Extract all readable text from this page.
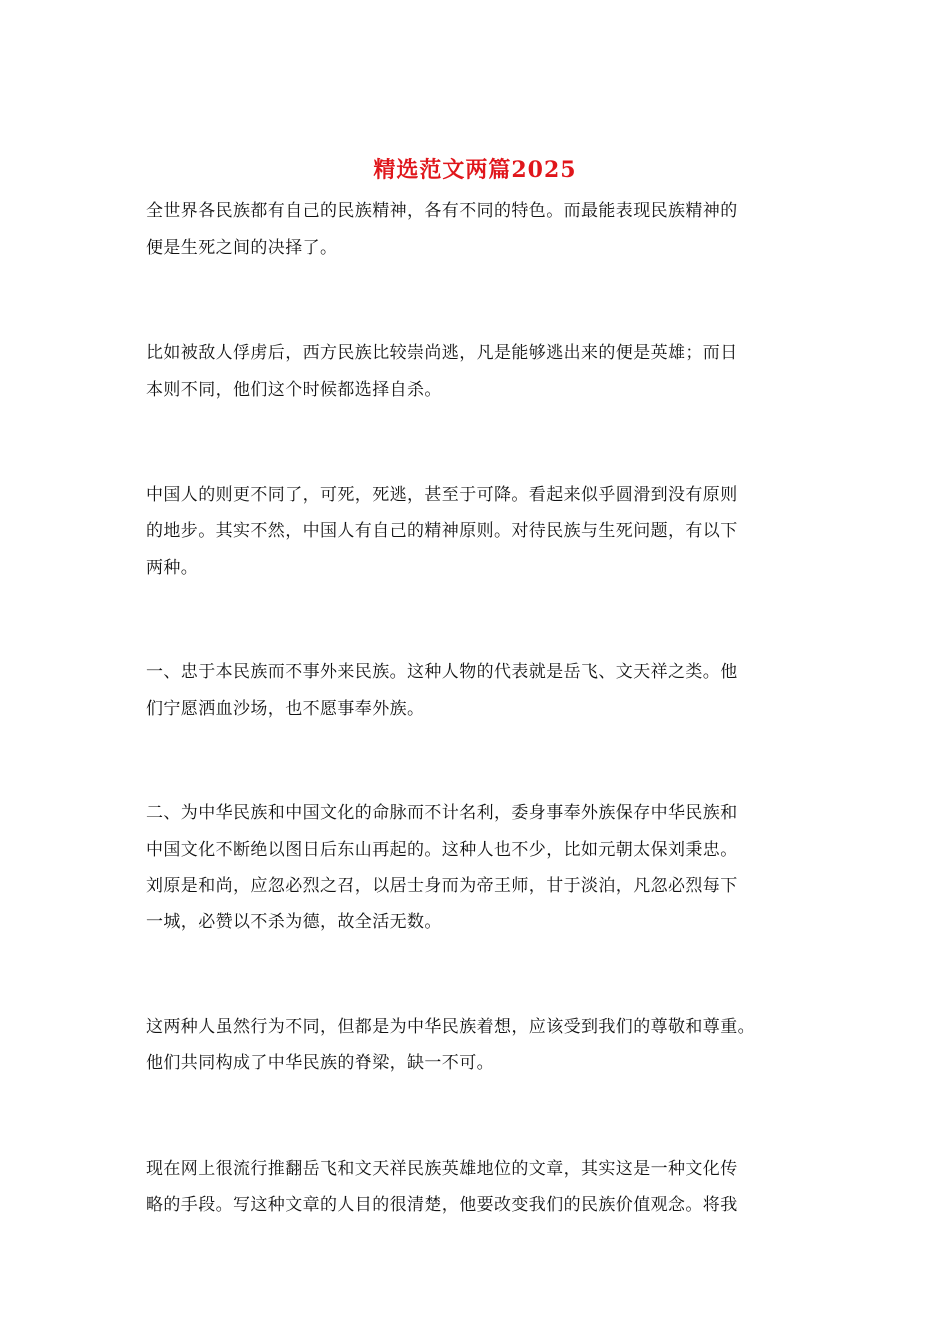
精选范文两篇2025
全世界各民族都有自己的民族精神，各有不同的特色。而最能表现民族精神的
便是生死之间的决择了。
比如被敌人俘虏后，西方民族比较崇尚逃，凡是能够逃出来的便是英雄；而日
本则不同，他们这个时候都选择自杀。
中国人的则更不同了，可死，死逃，甚至于可降。看起来似乎圆滑到没有原则
的地步。其实不然，中国人有自己的精神原则。对待民族与生死问题，有以下
两种。
一、忠于本民族而不事外来民族。这种人物的代表就是岳飞、文天祥之类。他
们宁愿洒血沙场，也不愿事奉外族。
二、为中华民族和中国文化的命脉而不计名利，委身事奉外族保存中华民族和
中国文化不断绝以图日后东山再起的。这种人也不少，比如元朝太保刘秉忠。
刘原是和尚，应忽必烈之召，以居士身而为帝王师，甘于淡泊，凡忽必烈每下
一城，必赞以不杀为德，故全活无数。
这两种人虽然行为不同，但都是为中华民族着想，应该受到我们的尊敬和尊重。
他们共同构成了中华民族的脊梁，缺一不可。
现在网上很流行推翻岳飞和文天祥民族英雄地位的文章，其实这是一种文化传
略的手段。写这种文章的人目的很清楚，他要改变我们的民族价值观念。将我
